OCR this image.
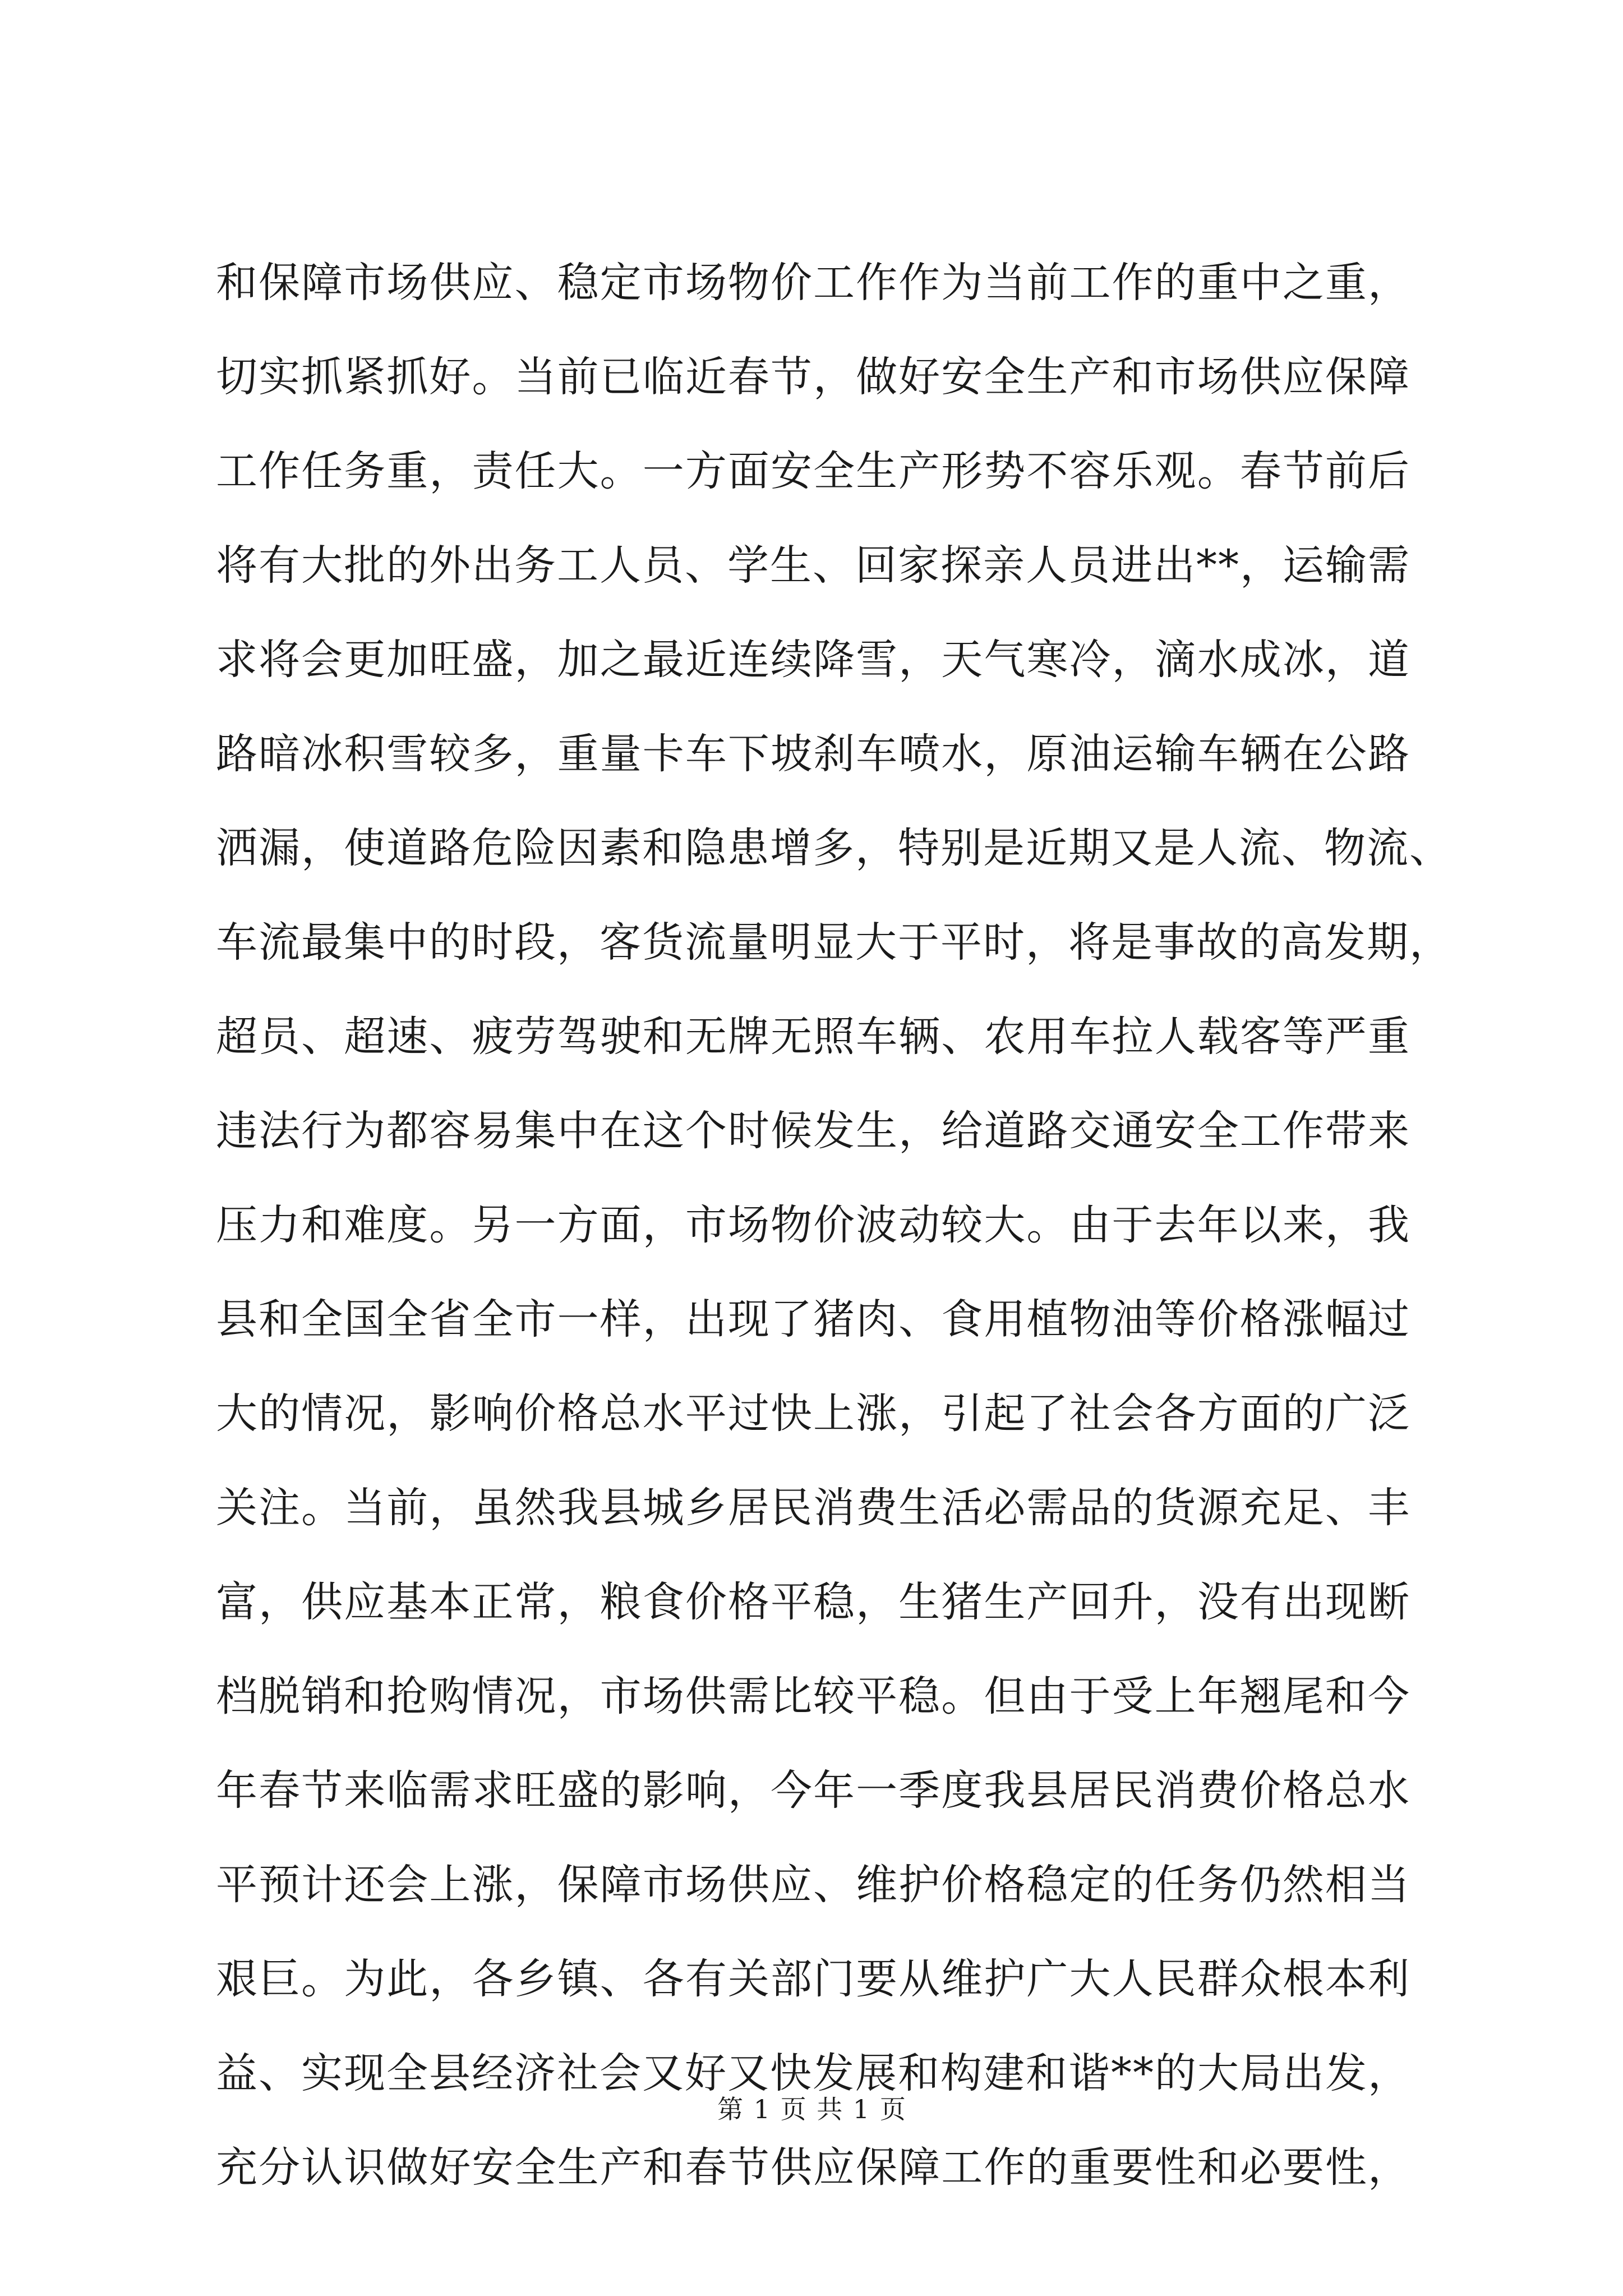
和保障市场供应、稳定市场物价工作作为当前工作的重中之重，
切实抓紧抓好。当前已临近春节，做好安全生产和市场供应保障
工作任务重，责任大。一方面安全生产形势不容乐观。春节前后
将有大批的外出务工人员、学生、回家探亲人员进出**，运输需
求将会更加旺盛，加之最近连续降雪，天气寒冷，滴水成冰，道
路暗冰积雪较多，重量卡车下坡刹车喷水，原油运输车辆在公路
洒漏，使道路危险因素和隐患增多，特别是近期又是人流、物流、
车流最集中的时段，客货流量明显大于平时，将是事故的高发期，
超员、超速、疲劳驾驶和无牌无照车辆、农用车拉人载客等严重
违法行为都容易集中在这个时候发生，给道路交通安全工作带来
压力和难度。另一方面，市场物价波动较大。由于去年以来，我
县和全国全省全市一样，出现了猪肉、食用植物油等价格涨幅过
大的情况，影响价格总水平过快上涨，引起了社会各方面的广泛
关注。当前，虽然我县城乡居民消费生活必需品的货源充足、丰
富，供应基本正常，粮食价格平稳，生猪生产回升，没有出现断
档脱销和抢购情况，市场供需比较平稳。但由于受上年翘尾和今
年春节来临需求旺盛的影响，今年一季度我县居民消费价格总水
平预计还会上涨，保障市场供应、维护价格稳定的任务仍然相当
艰巨。为此，各乡镇、各有关部门要从维护广大人民群众根本利
益、实现全县经济社会又好又快发展和构建和谐**的大局出发，
充分认识做好安全生产和春节供应保障工作的重要性和必要性，
第 1 页 共 1 页
